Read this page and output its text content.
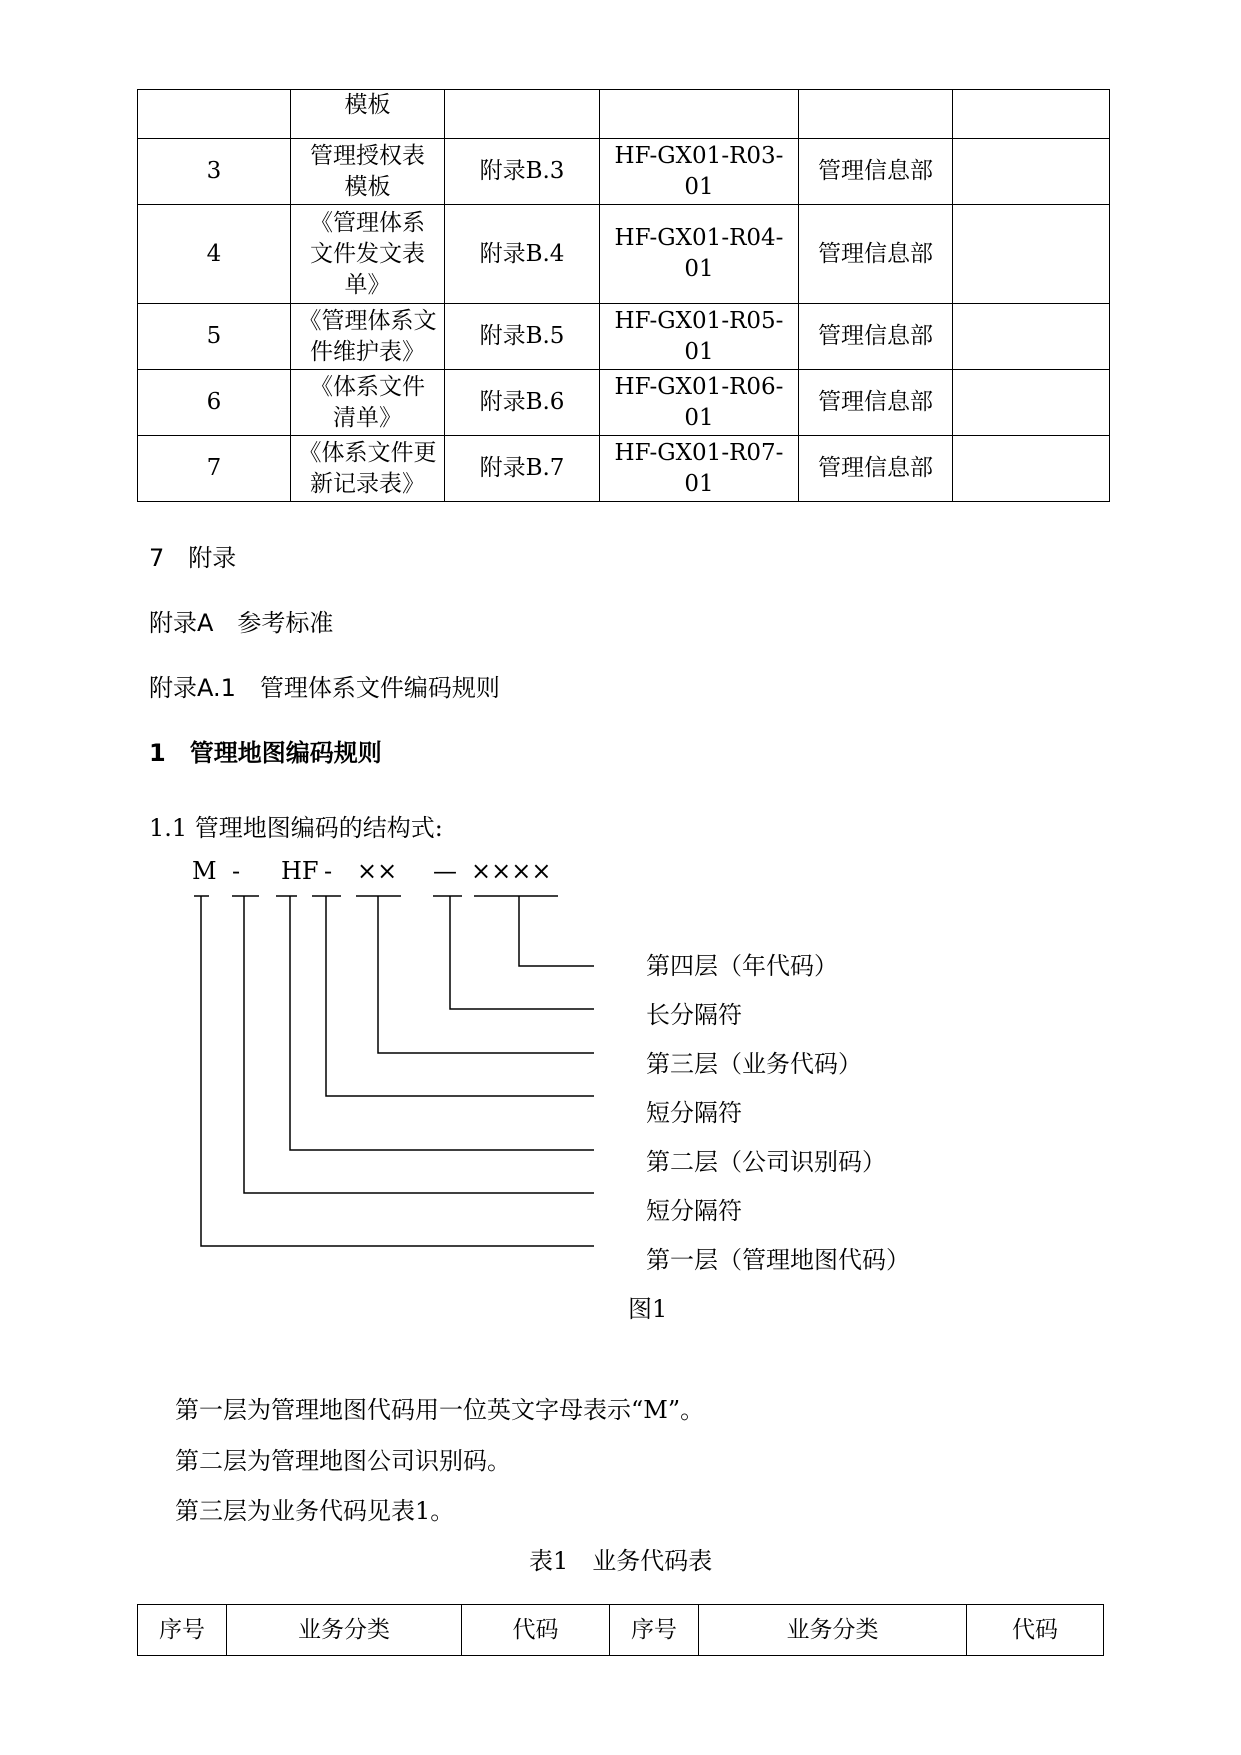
	模板				
3	管理授权表模板	附录B.3	HF-GX01-R03-01	管理信息部	
4	《管理体系文件发文表单》	附录B.4	HF-GX01-R04-01	管理信息部	
5	《管理体系文件维护表》	附录B.5	HF-GX01-R05-01	管理信息部	
6	《体系文件清单》	附录B.6	HF-GX01-R06-01	管理信息部	
7	《体系文件更新记录表》	附录B.7	HF-GX01-R07-01	管理信息部	
7　附录
附录A　参考标准
附录A.1　管理体系文件编码规则
1　管理地图编码规则
1.1 管理地图编码的结构式:
M - HF - ×× — ××××
第四层（年代码）
长分隔符
第三层（业务代码）
短分隔符
第二层（公司识别码）
短分隔符
第一层（管理地图代码）
图1
第一层为管理地图代码用一位英文字母表示“M”。
第二层为管理地图公司识别码。
第三层为业务代码见表1。
表1　业务代码表
序号	业务分类	代码	序号	业务分类	代码
